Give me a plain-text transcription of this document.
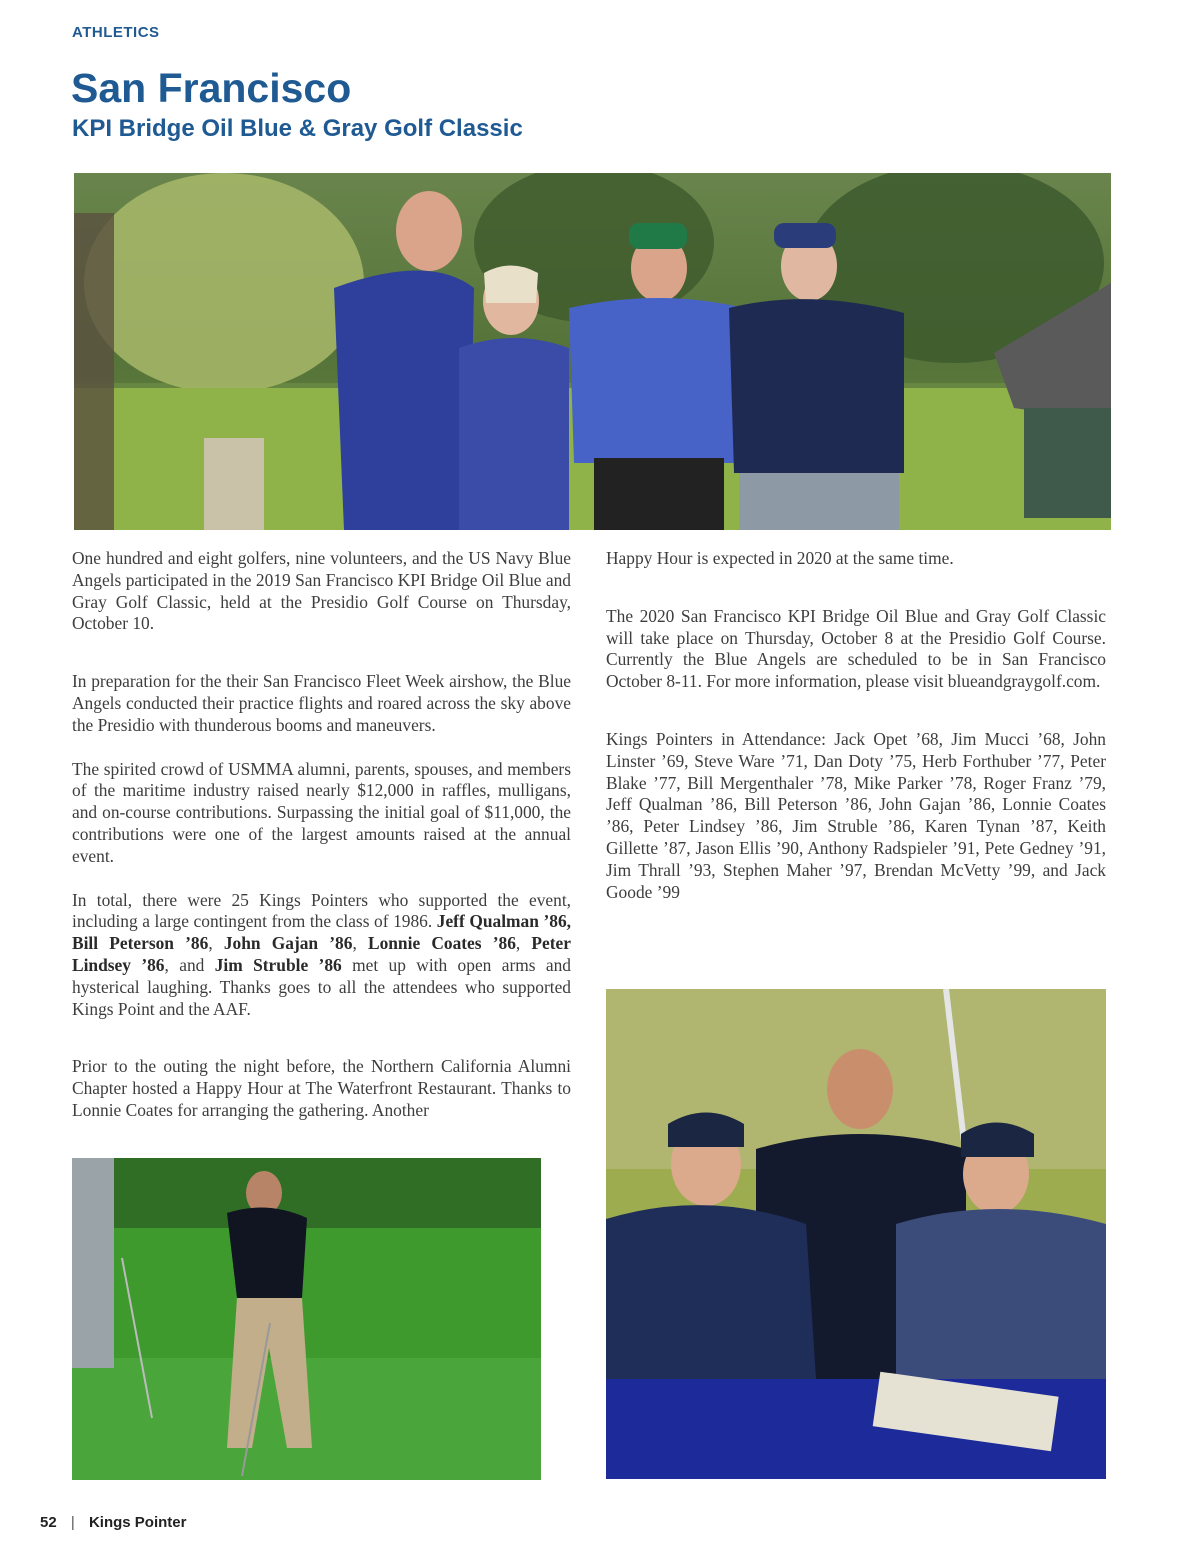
ATHLETICS
San Francisco
KPI Bridge Oil Blue & Gray Golf Classic

One hundred and eight golfers, nine volunteers, and the US Navy Blue Angels participated in the 2019 San Francisco KPI Bridge Oil Blue and Gray Golf Classic, held at the Presidio Golf Course on Thursday, October 10.

In preparation for the their San Francisco Fleet Week airshow, the Blue Angels conducted their practice flights and roared across the sky above the Presidio with thunderous booms and maneuvers.

The spirited crowd of USMMA alumni, parents, spouses, and members of the maritime industry raised nearly $12,000 in raffles, mulligans, and on-course contributions. Surpassing the initial goal of $11,000, the contributions were one of the largest amounts raised at the annual event.

In total, there were 25 Kings Pointers who supported the event, including a large contingent from the class of 1986. Jeff Qualman ’86, Bill Peterson ’86, John Gajan ’86, Lonnie Coates ’86, Peter Lindsey ’86, and Jim Struble ’86 met up with open arms and hysterical laughing. Thanks goes to all the attendees who supported Kings Point and the AAF.

Prior to the outing the night before, the Northern California Alumni Chapter hosted a Happy Hour at The Waterfront Restaurant. Thanks to Lonnie Coates for arranging the gathering. Another

Happy Hour is expected in 2020 at the same time.

The 2020 San Francisco KPI Bridge Oil Blue and Gray Golf Classic will take place on Thursday, October 8 at the Presidio Golf Course. Currently the Blue Angels are scheduled to be in San Francisco October 8-11. For more information, please visit blueandgraygolf.com.

Kings Pointers in Attendance: Jack Opet ’68, Jim Mucci ’68, John Linster ’69, Steve Ware ’71, Dan Doty ’75, Herb Forthuber ’77, Peter Blake ’77, Bill Mergenthaler ’78, Mike Parker ’78, Roger Franz ’79, Jeff Qualman ’86, Bill Peterson ’86, John Gajan ’86, Lonnie Coates ’86, Peter Lindsey ’86, Jim Struble ’86, Karen Tynan ’87, Keith Gillette ’87, Jason Ellis ’90, Anthony Radspieler ’91, Pete Gedney ’91, Jim Thrall ’93, Stephen Maher ’97, Brendan McVetty ’99, and Jack Goode ’99

52 | Kings Pointer
